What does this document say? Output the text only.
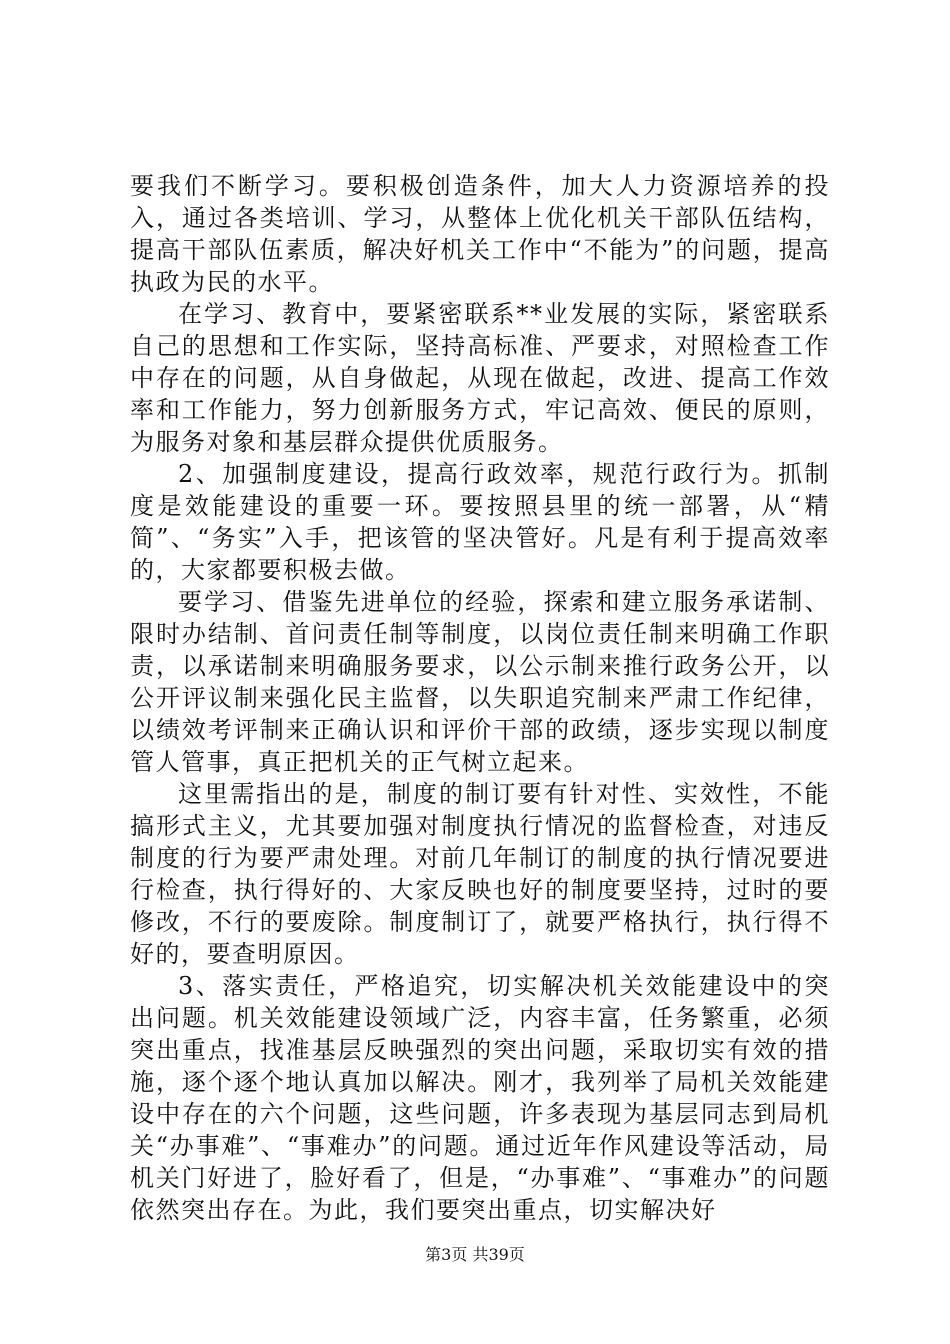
要我们不断学习。要积极创造条件，加大人力资源培养的投入，通过各类培训、学习，从整体上优化机关干部队伍结构，提高干部队伍素质，解决好机关工作中“不能为”的问题，提高执政为民的水平。

在学习、教育中，要紧密联系**业发展的实际，紧密联系自己的思想和工作实际，坚持高标准、严要求，对照检查工作中存在的问题，从自身做起，从现在做起，改进、提高工作效率和工作能力，努力创新服务方式，牢记高效、便民的原则，为服务对象和基层群众提供优质服务。

2、加强制度建设，提高行政效率，规范行政行为。抓制度是效能建设的重要一环。要按照县里的统一部署，从“精简”、“务实”入手，把该管的坚决管好。凡是有利于提高效率的，大家都要积极去做。

要学习、借鉴先进单位的经验，探索和建立服务承诺制、限时办结制、首问责任制等制度，以岗位责任制来明确工作职责，以承诺制来明确服务要求，以公示制来推行政务公开，以公开评议制来强化民主监督，以失职追究制来严肃工作纪律，以绩效考评制来正确认识和评价干部的政绩，逐步实现以制度管人管事，真正把机关的正气树立起来。

这里需指出的是，制度的制订要有针对性、实效性，不能搞形式主义，尤其要加强对制度执行情况的监督检查，对违反制度的行为要严肃处理。对前几年制订的制度的执行情况要进行检查，执行得好的、大家反映也好的制度要坚持，过时的要修改，不行的要废除。制度制订了，就要严格执行，执行得不好的，要查明原因。

3、落实责任，严格追究，切实解决机关效能建设中的突出问题。机关效能建设领域广泛，内容丰富，任务繁重，必须突出重点，找准基层反映强烈的突出问题，采取切实有效的措施，逐个逐个地认真加以解决。刚才，我列举了局机关效能建设中存在的六个问题，这些问题，许多表现为基层同志到局机关“办事难”、“事难办”的问题。通过近年作风建设等活动，局机关门好进了，脸好看了，但是，“办事难”、“事难办”的问题依然突出存在。为此，我们要突出重点，切实解决好

第3页 共39页
